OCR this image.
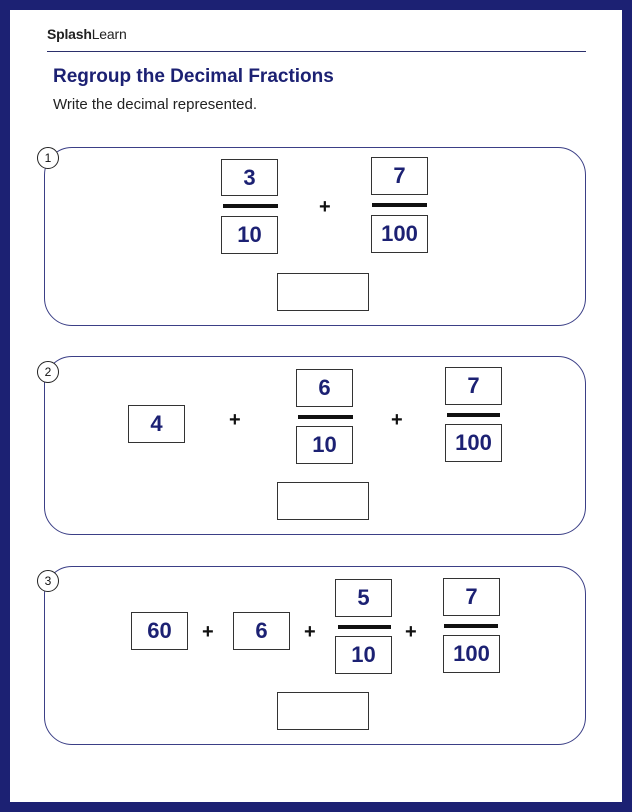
SplashLearn
Regroup the Decimal Fractions
Write the decimal represented.
1
3
10
+
7
100
2
4	+
6
10
+
7
100
3
60	+	6	+
5
10
+
7
100
